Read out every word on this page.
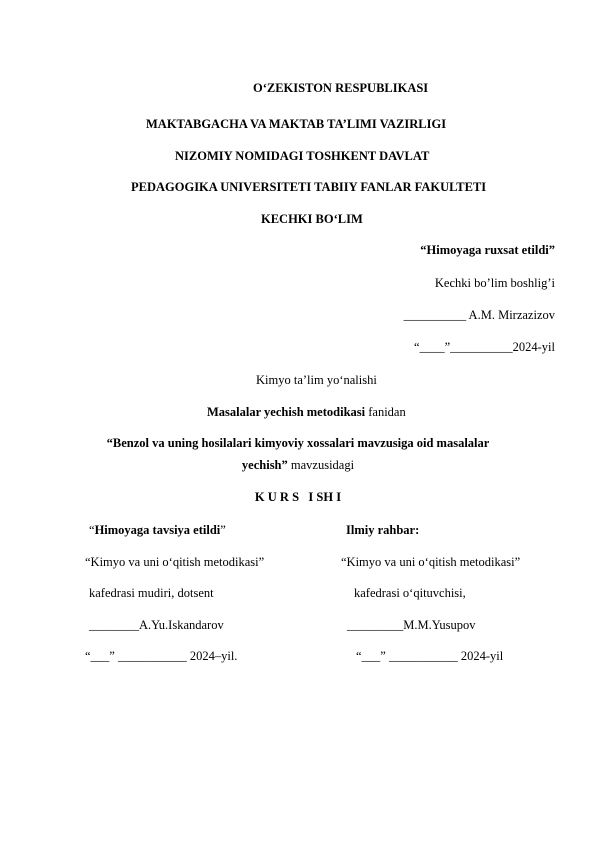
O‘ZEKISTON RESPUBLIKASI
MAKTABGACHA VA MAKTAB TA’LIMI VAZIRLIGI
NIZOMIY NOMIDAGI TOSHKENT DAVLAT
PEDAGOGIKA UNIVERSITETI TABIIY FANLAR FAKULTETI
KECHKI BO‘LIM
“Himoyaga ruxsat etildi”
Kechki bo’lim boshlig’i
__________ A.M. Mirzazizov
“____”__________2024-yil
Kimyo ta’lim yo‘nalishi
Masalalar yechish metodikasi fanidan
“Benzol va uning hosilalari kimyoviy xossalari mavzusiga oid masalalar
yechish” mavzusidagi
K U R S   I SH I
“Himoyaga tavsiya etildi”
“Kimyo va uni o‘qitish metodikasi”
kafedrasi mudiri, dotsent
________A.Yu.Iskandarov
“___” ___________ 2024–yil.
Ilmiy rahbar:
“Kimyo va uni o‘qitish metodikasi”
kafedrasi o‘qituvchisi,
_________M.M.Yusupov
“___” ___________ 2024-yil
